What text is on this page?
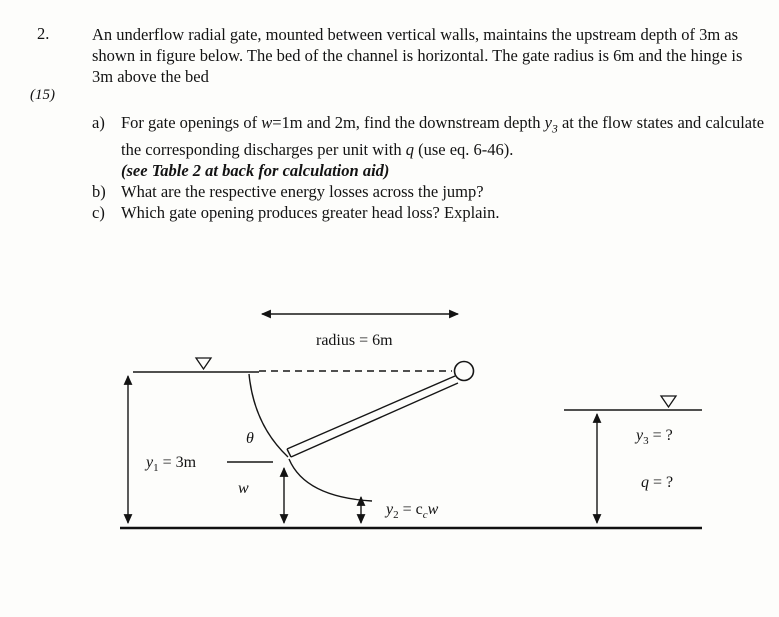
2.	An underflow radial gate, mounted between vertical walls, maintains the upstream depth of 3m as shown in figure below. The bed of the channel is horizontal. The gate radius is 6m and the hinge is 3m above the bed
(15)
a) For gate openings of w=1m and 2m, find the downstream depth $y_3$ at the flow states and calculate the corresponding discharges per unit with q (use eq. 6-46).
(see Table 2 at back for calculation aid)
b) What are the respective energy losses across the jump?
c) Which gate opening produces greater head loss? Explain.
radius = 6m
$y_1 = 3m$
θ
w
$y_2 = c_cw$
$y_3$ = ?
q = ?
